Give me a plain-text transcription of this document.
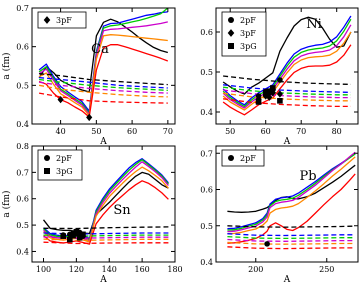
40	50	60	70
0.4
0.5
0.6
0.7
A
a (fm)
Ca
3pF
50	60	70	80
0.4
0.5
0.6
A
Ni
2pF
3pF
3pG
100 120 140 160 180
0.4
0.5
0.6
0.7
0.8
A
a (fm)	Sn
2pF
3pG
200	250
0.4
0.5
0.6
0.7
A
Pb
2pF
